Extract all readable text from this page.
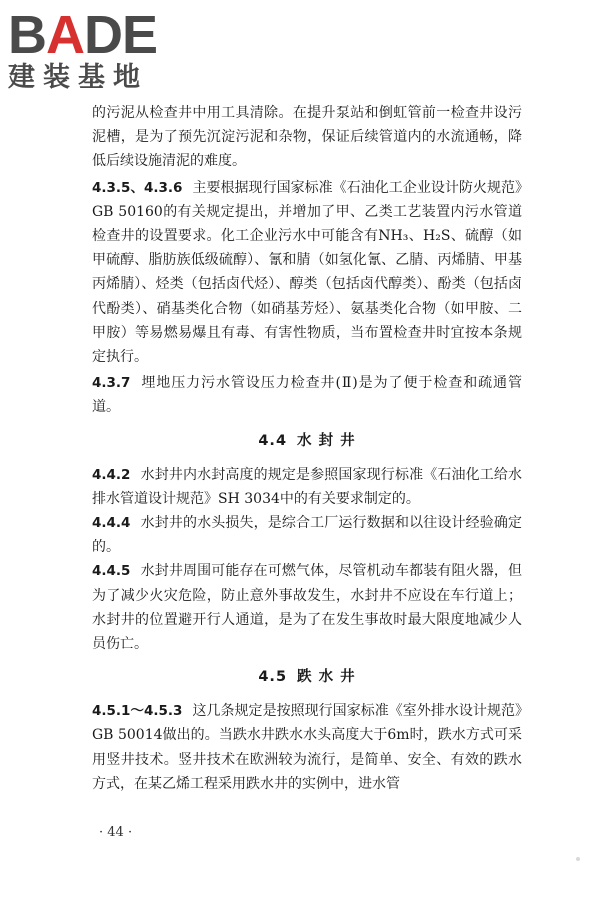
BADE
建装基地

的污泥从检查井中用工具清除。在提升泵站和倒虹管前一检查井设污泥槽，是为了预先沉淀污泥和杂物，保证后续管道内的水流通畅，降低后续设施清泥的难度。

4.3.5、4.3.6 主要根据现行国家标准《石油化工企业设计防火规范》GB 50160的有关规定提出，并增加了甲、乙类工艺装置内污水管道检查井的设置要求。化工企业污水中可能含有NH₃、H₂S、硫醇（如甲硫醇、脂肪族低级硫醇）、氰和腈（如氢化氰、乙腈、丙烯腈、甲基丙烯腈）、烃类（包括卤代烃）、醇类（包括卤代醇类）、酚类（包括卤代酚类）、硝基类化合物（如硝基芳烃）、氨基类化合物（如甲胺、二甲胺）等易燃易爆且有毒、有害性物质，当布置检查井时宜按本条规定执行。

4.3.7 埋地压力污水管设压力检查井(Ⅱ)是为了便于检查和疏通管道。

4.4 水 封 井

4.4.2 水封井内水封高度的规定是参照国家现行标准《石油化工给水排水管道设计规范》SH 3034中的有关要求制定的。

4.4.4 水封井的水头损失，是综合工厂运行数据和以往设计经验确定的。

4.4.5 水封井周围可能存在可燃气体，尽管机动车都装有阻火器，但为了减少火灾危险，防止意外事故发生，水封井不应设在车行道上；水封井的位置避开行人通道，是为了在发生事故时最大限度地减少人员伤亡。

4.5 跌 水 井

4.5.1～4.5.3 这几条规定是按照现行国家标准《室外排水设计规范》GB 50014做出的。当跌水井跌水水头高度大于6m时，跌水方式可采用竖井技术。竖井技术在欧洲较为流行，是简单、安全、有效的跌水方式，在某乙烯工程采用跌水井的实例中，进水管

· 44 ·
